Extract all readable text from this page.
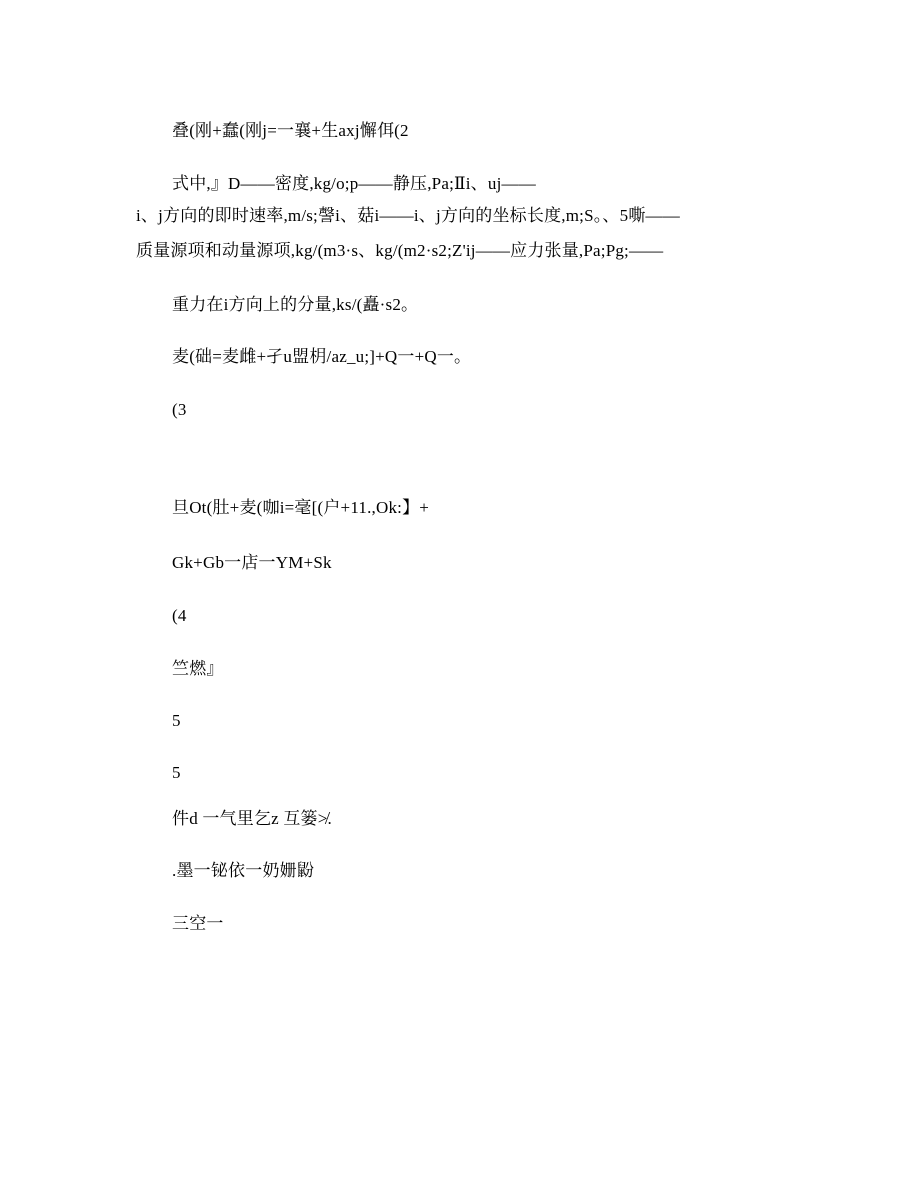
叠(刚+蠢(刚j=一襄+生axj懈佴(2
式中,』D——密度,kg/o;p——静压,Pa;Ⅱi、uj——
i、j方向的即时速率,m/s;謦i、菇i——i、j方向的坐标长度,m;S。、5嘶——
质量源项和动量源项,kg/(m3·s、kg/(m2·s2;Z'ij——应力张量,Pa;Pg;——
重力在i方向上的分量,ks/(矗·s2。
麦(础=麦雌+孑u盟枂/az_u;]+Q一+Q一。
(3
旦Ot(肚+麦(咖i=毫[(户+11.,Ok:】+
Gk+Gb一店一YM+Sk
(4
竺燃』
5
5
件d 一气里乞z 互篓≯.
.墨一铋依一奶姗鼢
三空一
